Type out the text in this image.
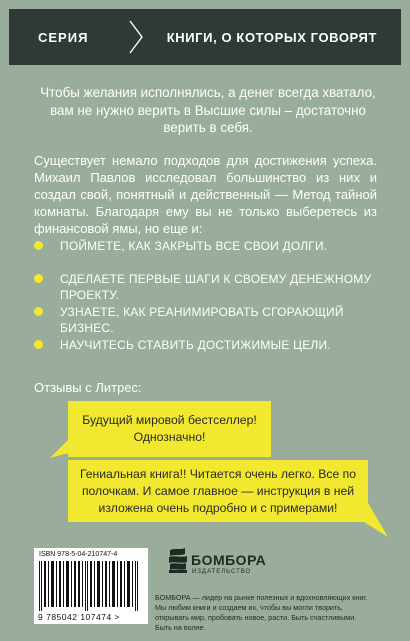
СЕРИЯ	КНИГИ, О КОТОРЫХ ГОВОРЯТ

Чтобы желания исполнялись, а денег всегда хватало, вам не нужно верить в Высшие силы – достаточно верить в себя.

Существует немало подходов для достижения успеха. Михаил Павлов исследовал большинство из них и создал свой, понятный и действенный — Метод тайной комнаты. Благодаря ему вы не только выберетесь из финансовой ямы, но еще и:

ПОЙМЕТЕ, КАК ЗАКРЫТЬ ВСЕ СВОИ ДОЛГИ.
СДЕЛАЕТЕ ПЕРВЫЕ ШАГИ К СВОЕМУ ДЕНЕЖНОМУ ПРОЕКТУ.
УЗНАЕТЕ, КАК РЕАНИМИРОВАТЬ СГОРАЮЩИЙ БИЗНЕС.
НАУЧИТЕСЬ СТАВИТЬ ДОСТИЖИМЫЕ ЦЕЛИ.

Отзывы с Литрес:

Будущий мировой бестселлер! Однозначно!
Гениальная книга!! Читается очень легко. Все по полочкам. И самое главное — инструкция в ней изложена очень подробно и с примерами!
ISBN 978-5-04-210747-4
9 785042 107474 >
БОМБОРА
ИЗДАТЕЛЬСТВО

БОМБОРА — лидер на рынке полезных и вдохновляющих книг. Мы любим книги и создаем их, чтобы вы могли творить, открывать мир, пробовать новое, расти. Быть счастливыми. Быть на волне.
